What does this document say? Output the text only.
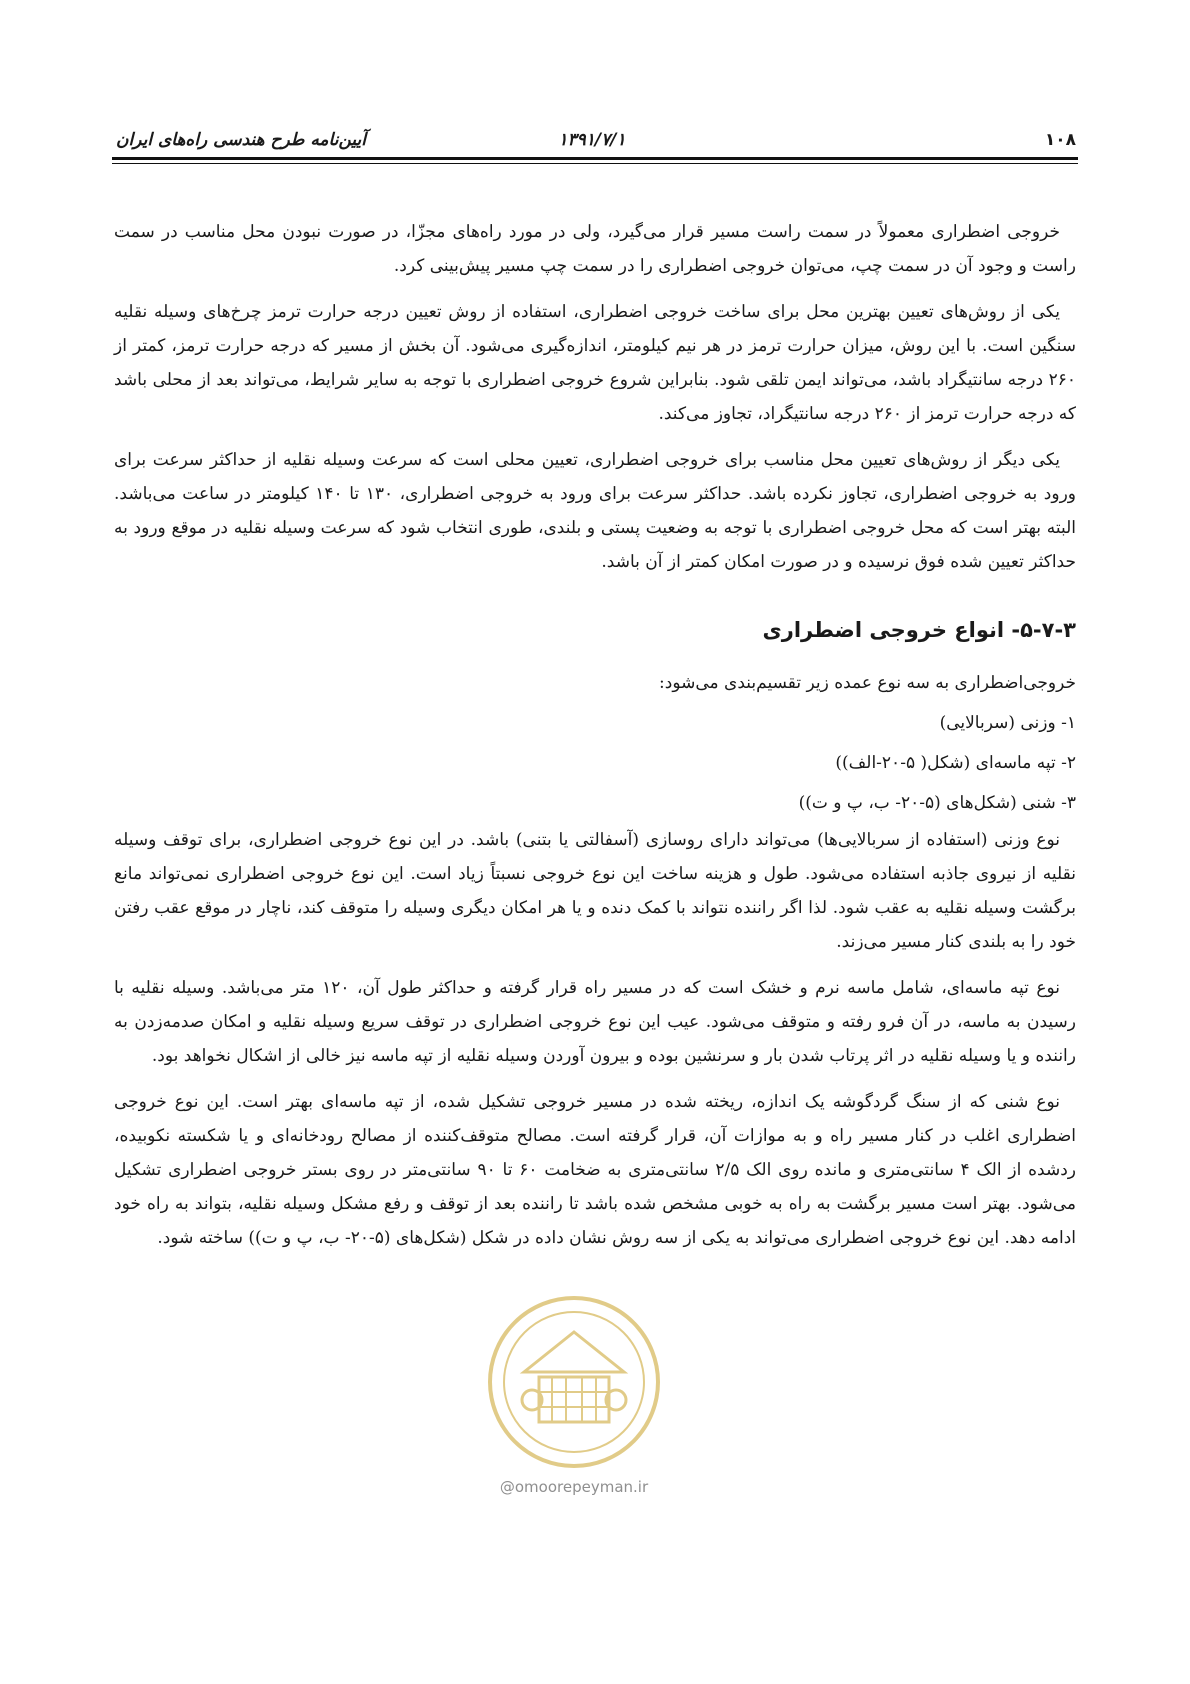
آیین‌نامه طرح هندسی راه‌های ایران	۱۳۹۱/۷/۱	۱۰۸

خروجی اضطراری معمولاً در سمت راست مسیر قرار می‌گیرد، ولی در مورد راه‌های مجزّا، در صورت نبودن محل مناسب در سمت راست و وجود آن در سمت چپ، می‌توان خروجی اضطراری را در سمت چپ مسیر پیش‌بینی کرد.

یکی از روش‌های تعیین بهترین محل برای ساخت خروجی اضطراری، استفاده از روش تعیین درجه حرارت ترمز چرخ‌های وسیله نقلیه سنگین است. با این روش، میزان حرارت ترمز در هر نیم کیلومتر، اندازه‌گیری می‌شود. آن بخش از مسیر که درجه حرارت ترمز، کمتر از ۲۶۰ درجه سانتیگراد باشد، می‌تواند ایمن تلقی شود. بنابراین شروع خروجی اضطراری با توجه به سایر شرایط، می‌تواند بعد از محلی باشد که درجه حرارت ترمز از ۲۶۰ درجه سانتیگراد، تجاوز می‌کند.

یکی دیگر از روش‌های تعیین محل مناسب برای خروجی اضطراری، تعیین محلی است که سرعت وسیله نقلیه از حداکثر سرعت برای ورود به خروجی اضطراری، تجاوز نکرده باشد. حداکثر سرعت برای ورود به خروجی اضطراری، ۱۳۰ تا ۱۴۰ کیلومتر در ساعت می‌باشد. البته بهتر است که محل خروجی اضطراری با توجه به وضعیت پستی و بلندی، طوری انتخاب شود که سرعت وسیله نقلیه در موقع ورود به حداکثر تعیین شده فوق نرسیده و در صورت امکان کمتر از آن باشد.

۵-۷-۳- انواع خروجی اضطراری

خروجی‌اضطراری به سه نوع عمده زیر تقسیم‌بندی می‌شود:

۱- وزنی (سربالایی)

۲- تپه ماسه‌ای (شکل( ۵-۲۰-الف))

۳- شنی (شکل‌های (۵-۲۰- ب، پ و ت))

نوع وزنی (استفاده از سربالایی‌ها) می‌تواند دارای روسازی (آسفالتی یا بتنی) باشد. در این نوع خروجی اضطراری، برای توقف وسیله نقلیه از نیروی جاذبه استفاده می‌شود. طول و هزینه ساخت این نوع خروجی نسبتاً زیاد است. این نوع خروجی اضطراری نمی‌تواند مانع برگشت وسیله نقلیه به عقب شود. لذا اگر راننده نتواند با کمک دنده و یا هر امکان دیگری وسیله را متوقف کند، ناچار در موقع عقب رفتن خود را به بلندی کنار مسیر می‌زند.

نوع تپه ماسه‌ای، شامل ماسه نرم و خشک است که در مسیر راه قرار گرفته و حداکثر طول آن، ۱۲۰ متر می‌باشد. وسیله نقلیه با رسیدن به ماسه، در آن فرو رفته و متوقف می‌شود. عیب این نوع خروجی اضطراری در توقف سریع وسیله نقلیه و امکان صدمه‌زدن به راننده و یا وسیله نقلیه در اثر پرتاب شدن بار و سرنشین بوده و بیرون آوردن وسیله نقلیه از تپه ماسه نیز خالی از اشکال نخواهد بود.

نوع شنی که از سنگ گردگوشه یک اندازه، ریخته شده در مسیر خروجی تشکیل شده، از تپه ماسه‌ای بهتر است. این نوع خروجی اضطراری اغلب در کنار مسیر راه و به موازات آن، قرار گرفته است. مصالح متوقف‌کننده از مصالح رودخانه‌ای و یا شکسته نکوبیده، ردشده از الک ۴ سانتی‌متری و مانده روی الک ۲/۵ سانتی‌متری به ضخامت ۶۰ تا ۹۰ سانتی‌متر در روی بستر خروجی اضطراری تشکیل می‌شود. بهتر است مسیر برگشت به راه به خوبی مشخص شده باشد تا راننده بعد از توقف و رفع مشکل وسیله نقلیه، بتواند به راه خود ادامه دهد. این نوع خروجی اضطراری می‌تواند به یکی از سه روش نشان داده در شکل (شکل‌های (۵-۲۰- ب، پ و ت)) ساخته شود.

@omoorepeyman.ir
